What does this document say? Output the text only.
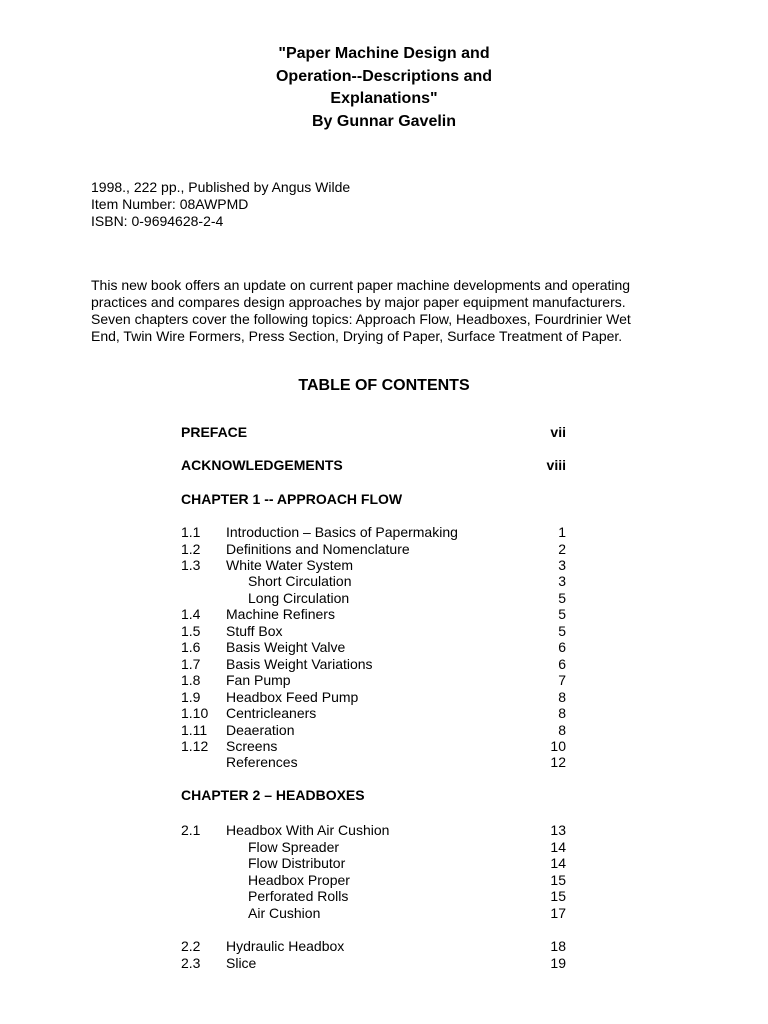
"Paper Machine Design and
Operation--Descriptions and
Explanations"
By Gunnar Gavelin
1998., 222 pp., Published by Angus Wilde
Item Number: 08AWPMD
ISBN: 0-9694628-2-4
This new book offers an update on current paper machine developments and operating
practices and compares design approaches by major paper equipment manufacturers.
Seven chapters cover the following topics: Approach Flow, Headboxes, Fourdrinier Wet
End, Twin Wire Formers, Press Section, Drying of Paper, Surface Treatment of Paper.
TABLE OF CONTENTS
PREFACE	vii
ACKNOWLEDGEMENTS	viii
CHAPTER 1 -- APPROACH FLOW
1.1 Introduction – Basics of Papermaking	1
1.2 Definitions and Nomenclature	2
1.3 White Water System	3
Short Circulation	3
Long Circulation	5
1.4 Machine Refiners	5
1.5 Stuff Box	5
1.6 Basis Weight Valve	6
1.7 Basis Weight Variations	6
1.8 Fan Pump	7
1.9 Headbox Feed Pump	8
1.10 Centricleaners	8
1.11 Deaeration	8
1.12 Screens	10
References	12
CHAPTER 2 – HEADBOXES
2.1 Headbox With Air Cushion	13
Flow Spreader	14
Flow Distributor	14
Headbox Proper	15
Perforated Rolls	15
Air Cushion	17
2.2 Hydraulic Headbox	18
2.3 Slice	19
